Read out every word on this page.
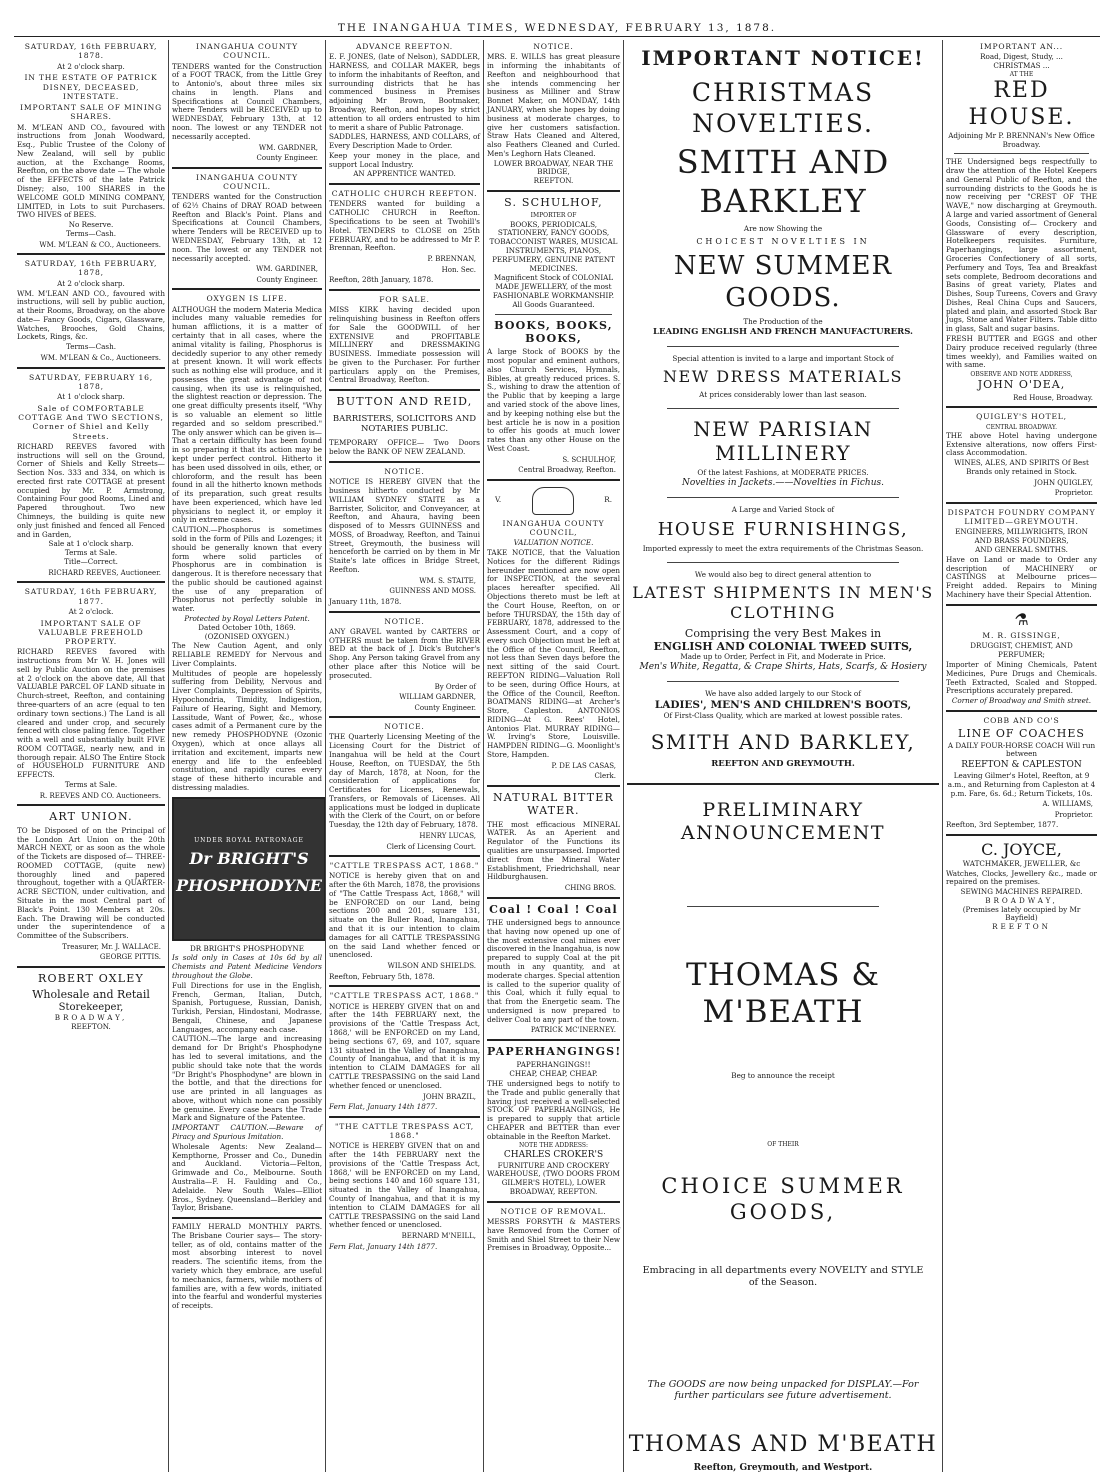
THE INANGAHUA TIMES, WEDNESDAY, FEBRUARY 13, 1878.
SATURDAY, 16th FEBRUARY, 1878.
At 2 o'clock sharp.
IN THE ESTATE OF PATRICK DISNEY, DECEASED, INTESTATE.
IMPORTANT SALE OF MINING SHARES.

M. M'LEAN AND CO., favoured with instructions from Jonah Woodward, Esq., Public Trustee of the Colony of New Zealand, will sell by public auction, at the Exchange Rooms, Reefton, on the above date — The whole of the EFFECTS of the late Patrick Disney; also, 100 SHARES in the WELCOME GOLD MINING COMPANY, LIMITED, in Lots to suit Purchasers. TWO HIVES of BEES.

No Reserve.
Terms—Cash.
WM. M'LEAN & CO., Auctioneers.
SATURDAY, 16th FEBRUARY, 1878,
At 2 o'clock sharp.

WM. M'LEAN AND CO., favoured with instructions, will sell by public auction, at their Rooms, Broadway, on the above date— Fancy Goods, Cigars, Glassware, Watches, Brooches, Gold Chains, Lockets, Rings, &c.

Terms—Cash.
WM. M'LEAN & Co., Auctioneers.
SATURDAY, FEBRUARY 16, 1878,
At 1 o'clock sharp.
Sale of COMFORTABLE COTTAGE And TWO SECTIONS, Corner of Shiel and Kelly Streets.

RICHARD REEVES favored with instructions will sell on the Ground, Corner of Shiels and Kelly Streets— Section Nos. 333 and 334, on which is erected first rate COTTAGE at present occupied by Mr. P. Armstrong, Containing Four good Rooms, Lined and Papered throughout. Two new Chimneys, the building is quite new only just finished and fenced all Fenced and in Garden,

Sale at 1 o'clock sharp.
Terms at Sale.
Title—Correct.
RICHARD REEVES, Auctioneer.
SATURDAY, 16th FEBRUARY, 1877.
At 2 o'clock.
IMPORTANT SALE OF VALUABLE FREEHOLD PROPERTY.

RICHARD REEVES favored with instructions from Mr W. H. Jones will sell by Public Auction on the premises at 2 o'clock on the above date, All that VALUABLE PARCEL OF LAND situate in Church-street, Reefton, and containing three-quarters of an acre (equal to ten ordinary town sections.) The Land is all cleared and under crop, and securely fenced with close paling fence. Together with a well and substantially built FIVE ROOM COTTAGE, nearly new, and in thorough repair. ALSO The Entire Stock of HOUSEHOLD FURNITURE AND EFFECTS.

Terms at Sale.
R. REEVES AND CO. Auctioneers.
ART UNION.

TO be Disposed of on the Principal of the London Art Union on the 20th MARCH NEXT, or as soon as the whole of the Tickets are disposed of— THREE-ROOMED COTTAGE, (quite new) thoroughly lined and papered throughout, together with a QUARTER-ACRE SECTION, under cultivation, and Situate in the most Central part of Black's Point. 130 Members at 20s. Each. The Drawing will be conducted under the superintendence of a Committee of the Subscribers.

Treasurer, Mr. J. WALLACE.
GEORGE PITTIS.
ROBERT OXLEY
Wholesale and Retail
Storekeeper,
BROADWAY,
REEFTON.
INANGAHUA COUNTY COUNCIL.

TENDERS wanted for the Construction of a FOOT TRACK, from the Little Grey to Antonio's, about three miles six chains in length. Plans and Specifications at Council Chambers, where Tenders will be RECEIVED up to WEDNESDAY, February 13th, at 12 noon. The lowest or any TENDER not necessarily accepted.

WM. GARDNER,
County Engineer.
INANGAHUA COUNTY COUNCIL.

TENDERS wanted for the Construction of 62½ Chains of DRAY ROAD between Reefton and Black's Point. Plans and Specifications at Council Chambers, where Tenders will be RECEIVED up to WEDNESDAY, February 13th, at 12 noon. The lowest or any TENDER not necessarily accepted.

WM. GARDINER,
County Engineer.
OXYGEN IS LIFE.

ALTHOUGH the modern Materia Medica includes many valuable remedies for human afflictions, it is a matter of certainty that in all cases, where the animal vitality is failing, Phosphorus is decidedly superior to any other remedy at present known. It will work effects such as nothing else will produce, and it possesses the great advantage of not causing, when its use is relinquished, the slightest reaction or depression. The one great difficulty presents itself, "Why is so valuable an element so little regarded and so seldom prescribed." The only answer which can be given is—That a certain difficulty has been found in so preparing it that its action may be kept under perfect control. Hitherto it has been used dissolved in oils, ether, or chloroform, and the result has been found in all the hitherto known methods of its preparation, such great results have been experienced, which have led physicians to neglect it, or employ it only in extreme cases.

CAUTION.—Phosphorus is sometimes sold in the form of Pills and Lozenges; it should be generally known that every form where solid particles of Phosphorus are in combination is dangerous. It is therefore necessary that the public should be cautioned against the use of any preparation of Phosphorus not perfectly soluble in water.

Protected by Royal Letters Patent.
Dated October 10th, 1869.
(OZONISED OXYGEN.)

The New Caution Agent, and only RELIABLE REMEDY for Nervous and Liver Complaints.

Multitudes of people are hopelessly suffering from Debility, Nervous and Liver Complaints, Depression of Spirits, Hypochondria, Timidity, Indigestion, Failure of Hearing, Sight and Memory, Lassitude, Want of Power, &c., whose cases admit of a Permanent cure by the new remedy PHOSPHODYNE (Ozonic Oxygen), which at once allays all irritation and excitement, imparts new energy and life to the enfeebled constitution, and rapidly cures every stage of these hitherto incurable and distressing maladies.

UNDER ROYAL PATRONAGE
Dr BRIGHT'S
PHOSPHODYNE
DR BRIGHT'S PHOSPHODYNE

Is sold only in Cases at 10s 6d by all Chemists and Patent Medicine Vendors throughout the Globe.

Full Directions for use in the English, French, German, Italian, Dutch, Spanish, Portuguese, Russian, Danish, Turkish, Persian, Hindostani, Modrasse, Bengali, Chinese, and Japanese Languages, accompany each case.

CAUTION.—The large and increasing demand for Dr Bright's Phosphodyne has led to several imitations, and the public should take note that the words "Dr Bright's Phosphodyne" are blown in the bottle, and that the directions for use are printed in all languages as above, without which none can possibly be genuine. Every case bears the Trade Mark and Signature of the Patentee.

IMPORTANT CAUTION.—Beware of Piracy and Spurious Imitation.

Wholesale Agents: New Zealand—Kempthorne, Prosser and Co., Dunedin and Auckland. Victoria—Felton, Grimwade and Co., Melbourne. South Australia—F. H. Faulding and Co., Adelaide. New South Wales—Elliot Bros., Sydney. Queensland—Berkley and Taylor, Brisbane.

FAMILY HERALD MONTHLY PARTS. The Brisbane Courier says— The story-teller, as of old, contains matter of the most absorbing interest to novel readers. The scientific items, from the variety which they embrace, are useful to mechanics, farmers, while mothers of families are, with a few words, initiated into the fearful and wonderful mysteries of receipts.

ADVANCE REEFTON.

E. F. JONES, (late of Nelson), SADDLER, HARNESS, and COLLAR MAKER, begs to inform the inhabitants of Reefton, and surrounding districts that he has commenced business in Premises adjoining Mr Brown, Bootmaker, Broadway, Reefton, and hopes by strict attention to all orders entrusted to him to merit a share of Public Patronage.

SADDLES, HARNESS, AND COLLARS, of Every Description Made to Order.

Keep your money in the place, and support Local Industry.

AN APPRENTICE WANTED.
CATHOLIC CHURCH REEFTON.

TENDERS wanted for building a CATHOLIC CHURCH in Reefton. Specifications to be seen at Twohill's Hotel. TENDERS to CLOSE on 25th FEBRUARY, and to be addressed to Mr P. Brennan, Reefton.

P. BRENNAN,
Hon. Sec.
Reefton, 28th January, 1878.
FOR SALE.

MISS KIRK having decided upon relinquishing business in Reefton offers for Sale the GOODWILL of her EXTENSIVE and PROFITABLE MILLINERY and DRESSMAKING BUSINESS. Immediate possession will be given to the Purchaser. For further particulars apply on the Premises, Central Broadway, Reefton.

BUTTON AND REID,
BARRISTERS, SOLICITORS AND NOTARIES PUBLIC.

TEMPORARY OFFICE— Two Doors below the BANK OF NEW ZEALAND.

NOTICE.

NOTICE IS HEREBY GIVEN that the business hitherto conducted by Mr WILLIAM SYDNEY STAITE as a Barrister, Solicitor, and Conveyancer, at Reefton, and Ahaura, having been disposed of to Messrs GUINNESS and MOSS, of Broadway, Reefton, and Tainui Street, Greymouth, the business will henceforth be carried on by them in Mr Staite's late offices in Bridge Street, Reefton.

WM. S. STAITE,
GUINNESS AND MOSS.
January 11th, 1878.
NOTICE.

ANY GRAVEL wanted by CARTERS or OTHERS must be taken from the RIVER BED at the back of J. Dick's Butcher's Shop. Any Person taking Gravel from any other place after this Notice will be prosecuted.

By Order of
WILLIAM GARDNER,
County Engineer.
NOTICE.

THE Quarterly Licensing Meeting of the Licensing Court for the District of Inangahua will be held at the Court House, Reefton, on TUESDAY, the 5th day of March, 1878, at Noon, for the consideration of applications for Certificates for Licenses, Renewals, Transfers, or Removals of Licenses. All applications must be lodged in duplicate with the Clerk of the Court, on or before Tuesday, the 12th day of February, 1878.

HENRY LUCAS,
Clerk of Licensing Court.
"CATTLE TRESPASS ACT, 1868."

NOTICE is hereby given that on and after the 6th March, 1878, the provisions of "The Cattle Trespass Act, 1868," will be ENFORCED on our Land, being sections 200 and 201, square 131, situate on the Buller Road, Inangahua, and that it is our intention to claim damages for all CATTLE TRESPASSING on the said Land whether fenced or unenclosed.

WILSON AND SHIELDS.
Reefton, February 5th, 1878.
"CATTLE TRESPASS ACT, 1868."

NOTICE is HEREBY GIVEN that on and after the 14th FEBRUARY next, the provisions of the 'Cattle Trespass Act, 1868,' will be ENFORCED on my Land, being sections 67, 69, and 107, square 131 situated in the Valley of Inangahua, County of Inangahua, and that it is my intention to CLAIM DAMAGES for all CATTLE TRESPASSING on the said Land whether fenced or unenclosed.

JOHN BRAZIL,
Fern Flat, January 14th 1877.
"THE CATTLE TRESPASS ACT, 1868."

NOTICE is HEREBY GIVEN that on and after the 14th FEBRUARY next the provisions of the 'Cattle Trespass Act, 1868,' will be ENFORCED on my Land, being sections 140 and 160 square 131, situated in the Valley of Inangahua, County of Inangahua, and that it is my intention to CLAIM DAMAGES for all CATTLE TRESPASSING on the said Land whether fenced or unenclosed.

BERNARD M'NEILL,
Fern Flat, January 14th 1877.
NOTICE.

MRS. E. WILLS has great pleasure in informing the inhabitants of Reefton and neighbourhood that she intends commencing her business as Milliner and Straw Bonnet Maker, on MONDAY, 14th JANUARY, when she hopes by doing business at moderate charges, to give her customers satisfaction. Straw Hats Cleaned and Altered, also Feathers Cleaned and Curled. Men's Leghorn Hats Cleaned.

LOWER BROADWAY, NEAR THE BRIDGE,
REEFTON.
S. SCHULHOF,
IMPORTER OF

BOOKS, PERIODICALS, STATIONERY, FANCY GOODS, TOBACCONIST WARES, MUSICAL INSTRUMENTS, PIANOS, PERFUMERY, GENUINE PATENT MEDICINES.

Magnificent Stock of COLONIAL MADE JEWELLERY, of the most FASHIONABLE WORKMANSHIP. All Goods Guaranteed.

BOOKS, BOOKS, BOOKS,

A large Stock of BOOKS by the most popular and eminent authors, also Church Services, Hymnals, Bibles, at greatly reduced prices. S. S., wishing to draw the attention of the Public that by keeping a large and varied stock of the above lines, and by keeping nothing else but the best article he is now in a position to offer his goods at much lower rates than any other House on the West Coast.

S. SCHULHOF,
Central Broadway, Reefton.
V.	R.
INANGAHUA COUNTY COUNCIL,
VALUATION NOTICE.

TAKE NOTICE, that the Valuation Notices for the different Ridings hereunder mentioned are now open for INSPECTION, at the several places hereafter specified. All Objections thereto must be left at the Court House, Reefton, on or before THURSDAY, the 15th day of FEBRUARY, 1878, addressed to the Assessment Court, and a copy of every such Objection must be left at the Office of the Council, Reefton, not less than Seven days before the next sitting of the said Court. REEFTON RIDING—Valuation Roll to be seen, during Office Hours, at the Office of the Council, Reefton. BOATMANS RIDING—at Archer's Store, Capleston. ANTONIOS RIDING—At G. Rees' Hotel, Antonios Flat. MURRAY RIDING—W. Irving's Store, Louisville. HAMPDEN RIDING—G. Moonlight's Store, Hampden.

P. DE LAS CASAS,
Clerk.
NATURAL BITTER WATER.

THE most efficacious MINERAL WATER. As an Aperient and Regulator of the Functions its qualities are unsurpassed. Imported direct from the Mineral Water Establishment, Friedrichshall, near Hildburghausen.

CHING BROS.
Coal ! Coal ! Coal

THE undersigned begs to announce that having now opened up one of the most extensive coal mines ever discovered in the Inangahua, is now prepared to supply Coal at the pit mouth in any quantity, and at moderate charges. Special attention is called to the superior quality of this Coal, which it fully equal to that from the Energetic seam. The undersigned is now prepared to deliver Coal to any part of the town.

PATRICK MC'INERNEY.
PAPERHANGINGS!
PAPERHANGINGS!!
CHEAP, CHEAP, CHEAP.

THE undersigned begs to notify to the Trade and public generally that having just received a well-selected STOCK OF PAPERHANGINGS, He is prepared to supply that article CHEAPER and BETTER than ever obtainable in the Reefton Market.

NOTE THE ADDRESS:
CHARLES CROKER'S

FURNITURE AND CROCKERY WAREHOUSE, (TWO DOORS FROM GILMER'S HOTEL), LOWER BROADWAY, REEFTON.

NOTICE OF REMOVAL.

MESSRS FORSYTH & MASTERS have Removed from the Corner of Smith and Shiel Street to their New Premises in Broadway, Opposite...

IMPORTANT NOTICE!
CHRISTMAS NOVELTIES.
SMITH AND BARKLEY
Are now Showing the
CHOICEST NOVELTIES IN
NEW SUMMER GOODS.
The Production of the
LEADING ENGLISH AND FRENCH MANUFACTURERS.
Special attention is invited to a large and important Stock of
NEW DRESS MATERIALS
At prices considerably lower than last season.
NEW PARISIAN MILLINERY
Of the latest Fashions, at MODERATE PRICES.
Novelties in Jackets.——Novelties in Fichus.
A Large and Varied Stock of
HOUSE FURNISHINGS,
Imported expressly to meet the extra requirements of the Christmas Season.
We would also beg to direct general attention to
LATEST SHIPMENTS IN MEN'S CLOTHING
Comprising the very Best Makes in
ENGLISH AND COLONIAL TWEED SUITS,
Made up to Order, Perfect in Fit, and Moderate in Price.
Men's White, Regatta, & Crape Shirts, Hats, Scarfs, & Hosiery
We have also added largely to our Stock of
LADIES', MEN'S AND CHILDREN'S BOOTS,
Of First-Class Quality, which are marked at lowest possible rates.
SMITH AND BARKLEY,
REEFTON AND GREYMOUTH.
PRELIMINARY ANNOUNCEMENT
THOMAS & M'BEATH
Beg to announce the receipt
OF THEIR
CHOICE SUMMER GOODS,
Embracing in all departments every NOVELTY and STYLE of the Season.
The GOODS are now being unpacked for DISPLAY.—For further particulars see future advertisement.
THOMAS AND M'BEATH
Reefton, Greymouth, and Westport.
IMPORTANT AN...
Road, Digest, Study, ...
CHRISTMAS ...
AT THE
RED HOUSE.
Adjoining Mr P. BRENNAN's New Office Broadway.

THE Undersigned begs respectfully to draw the attention of the Hotel Keepers and General Public of Reefton, and the surrounding districts to the Goods he is now receiving per "CREST OF THE WAVE," now discharging at Greymouth. A large and varied assortment of General Goods, Consisting of— Crockery and Glassware of every description, Hotelkeepers requisites. Furniture, Paperhangings, large assortment, Groceries Confectionery of all sorts, Perfumery and Toys, Tea and Breakfast sets complete, Bedroom decorations and Basins of great variety, Plates and Dishes, Soup Tureens, Covers and Gravy Dishes, Real China Cups and Saucers, plated and plain, and assorted Stock Bar Jugs, Stone and Water Filters. Table ditto in glass, Salt and sugar basins.

FRESH BUTTER and EGGS and other Dairy produce received regularly (three times weekly), and Families waited on with same.

OBSERVE AND NOTE ADDRESS,
JOHN O'DEA,
Red House, Broadway.
QUIGLEY'S HOTEL,
CENTRAL BROADWAY.

THE above Hotel having undergone Extensive alterations, now offers First-class Accommodation.

WINES, ALES, AND SPIRITS Of Best Brands only retained in Stock.

JOHN QUIGLEY,
Proprietor.
DISPATCH FOUNDRY COMPANY LIMITED—GREYMOUTH.
ENGINEERS, MILLWRIGHTS, IRON AND BRASS FOUNDERS,
AND GENERAL SMITHS.

Have on Land or made to Order any description of MACHINERY or CASTINGS at Melbourne prices— Freight added. Repairs to Mining Machinery have their Special Attention.

⚗
M. R. GISSINGE,
DRUGGIST, CHEMIST, AND PERFUMER;

Importer of Mining Chemicals, Patent Medicines, Pure Drugs and Chemicals. Teeth Extracted, Scaled and Stopped. Prescriptions accurately prepared.

Corner of Broadway and Smith street.
COBB AND CO'S
LINE OF COACHES

A DAILY FOUR-HORSE COACH Will run between

REEFTON & CAPLESTON

Leaving Gilmer's Hotel, Reefton, at 9 a.m., and Returning from Capleston at 4 p.m. Fare, 6s. 6d.; Return Tickets, 10s.

A. WILLIAMS,
Proprietor.
Reefton, 3rd September, 1877.
C. JOYCE,
WATCHMAKER, JEWELLER, &c

Watches, Clocks, Jewellery &c., made or repaired on the premises.

SEWING MACHINES REPAIRED.
BROADWAY,
(Premises lately occupied by Mr Bayfield)
REEFTON
